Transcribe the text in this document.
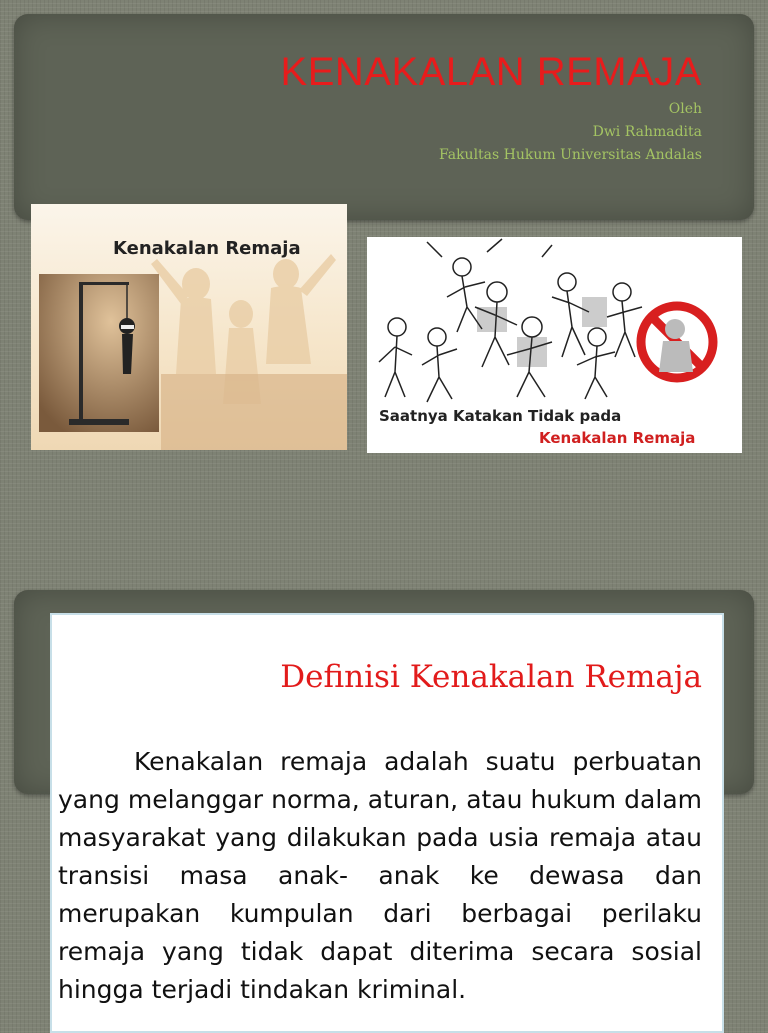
KENAKALAN REMAJA
Oleh
Dwi Rahmadita
Fakultas Hukum Universitas Andalas
Kenakalan Remaja
Saatnya Katakan Tidak pada
Kenakalan Remaja
Definisi Kenakalan Remaja

Kenakalan remaja adalah suatu perbuatan yang melanggar norma, aturan, atau hukum dalam masyarakat yang dilakukan pada usia remaja atau transisi masa anak- anak ke dewasa dan merupakan kumpulan dari berbagai perilaku remaja yang tidak dapat diterima secara sosial hingga terjadi tindakan kriminal.
